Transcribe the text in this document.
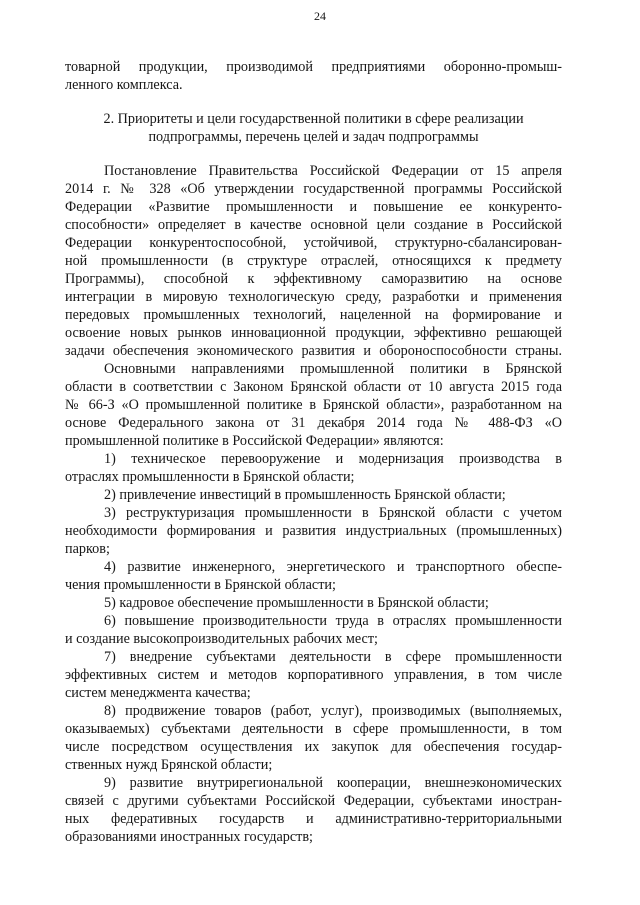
24
товарной продукции, производимой предприятиями оборонно-промыш-
ленного комплекса.
2. Приоритеты и цели государственной политики в сфере реализации
подпрограммы, перечень целей и задач подпрограммы
Постановление Правительства Российской Федерации от 15 апреля
2014 г. № 328 «Об утверждении государственной программы Российской
Федерации «Развитие промышленности и повышение ее конкуренто-
способности» определяет в качестве основной цели создание в Российской
Федерации конкурентоспособной, устойчивой, структурно-сбалансирован-
ной промышленности (в структуре отраслей, относящихся к предмету
Программы), способной к эффективному саморазвитию на основе
интеграции в мировую технологическую среду, разработки и применения
передовых промышленных технологий, нацеленной на формирование и
освоение новых рынков инновационной продукции, эффективно решающей
задачи обеспечения экономического развития и обороноспособности страны.
Основными направлениями промышленной политики в Брянской
области в соответствии с Законом Брянской области от 10 августа 2015 года
№ 66-З «О промышленной политике в Брянской области», разработанном на
основе Федерального закона от 31 декабря 2014 года № 488-ФЗ «О
промышленной политике в Российской Федерации» являются:
1) техническое перевооружение и модернизация производства в
отраслях промышленности в Брянской области;
2) привлечение инвестиций в промышленность Брянской области;
3) реструктуризация промышленности в Брянской области с учетом
необходимости формирования и развития индустриальных (промышленных)
парков;
4) развитие инженерного, энергетического и транспортного обеспе-
чения промышленности в Брянской области;
5) кадровое обеспечение промышленности в Брянской области;
6) повышение производительности труда в отраслях промышленности
и создание высокопроизводительных рабочих мест;
7) внедрение субъектами деятельности в сфере промышленности
эффективных систем и методов корпоративного управления, в том числе
систем менеджмента качества;
8) продвижение товаров (работ, услуг), производимых (выполняемых,
оказываемых) субъектами деятельности в сфере промышленности, в том
числе посредством осуществления их закупок для обеспечения государ-
ственных нужд Брянской области;
9) развитие внутрирегиональной кооперации, внешнеэкономических
связей с другими субъектами Российской Федерации, субъектами иностран-
ных федеративных государств и административно-территориальными
образованиями иностранных государств;
